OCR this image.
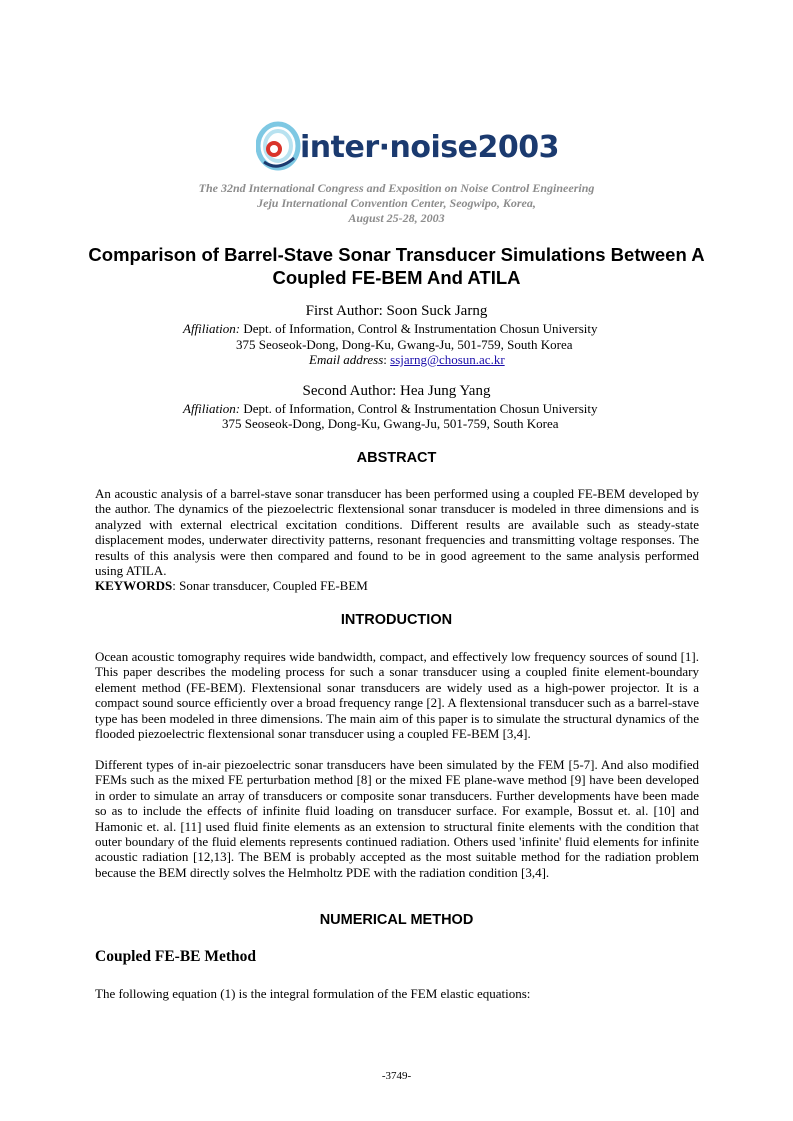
inter·noise2003
The 32nd International Congress and Exposition on Noise Control Engineering
Jeju International Convention Center, Seogwipo, Korea,
August 25-28, 2003
Comparison of Barrel-Stave Sonar Transducer Simulations Between A Coupled FE-BEM And ATILA
First Author: Soon Suck Jarng
Affiliation: Dept. of Information, Control & Instrumentation Chosun University
375 Seoseok-Dong, Dong-Ku, Gwang-Ju, 501-759, South Korea
Email address: ssjarng@chosun.ac.kr
Second Author: Hea Jung Yang
Affiliation: Dept. of Information, Control & Instrumentation Chosun University
375 Seoseok-Dong, Dong-Ku, Gwang-Ju, 501-759, South Korea
ABSTRACT

An acoustic analysis of a barrel-stave sonar transducer has been performed using a coupled FE-BEM developed by the author. The dynamics of the piezoelectric flextensional sonar transducer is modeled in three dimensions and is analyzed with external electrical excitation conditions. Different results are available such as steady-state displacement modes, underwater directivity patterns, resonant frequencies and transmitting voltage responses. The results of this analysis were then compared and found to be in good agreement to the same analysis performed using ATILA.

KEYWORDS: Sonar transducer, Coupled FE-BEM
INTRODUCTION

Ocean acoustic tomography requires wide bandwidth, compact, and effectively low frequency sources of sound [1]. This paper describes the modeling process for such a sonar transducer using a coupled finite element-boundary element method (FE-BEM). Flextensional sonar transducers are widely used as a high-power projector. It is a compact sound source efficiently over a broad frequency range [2]. A flextensional transducer such as a barrel-stave type has been modeled in three dimensions. The main aim of this paper is to simulate the structural dynamics of the flooded piezoelectric flextensional sonar transducer using a coupled FE-BEM [3,4].

Different types of in-air piezoelectric sonar transducers have been simulated by the FEM [5-7]. And also modified FEMs such as the mixed FE perturbation method [8] or the mixed FE plane-wave method [9] have been developed in order to simulate an array of transducers or composite sonar transducers. Further developments have been made so as to include the effects of infinite fluid loading on transducer surface. For example, Bossut et. al. [10] and Hamonic et. al. [11] used fluid finite elements as an extension to structural finite elements with the condition that outer boundary of the fluid elements represents continued radiation. Others used 'infinite' fluid elements for infinite acoustic radiation [12,13]. The BEM is probably accepted as the most suitable method for the radiation problem because the BEM directly solves the Helmholtz PDE with the radiation condition [3,4].

NUMERICAL METHOD
Coupled FE-BE Method

The following equation (1) is the integral formulation of the FEM elastic equations:

-3749-
